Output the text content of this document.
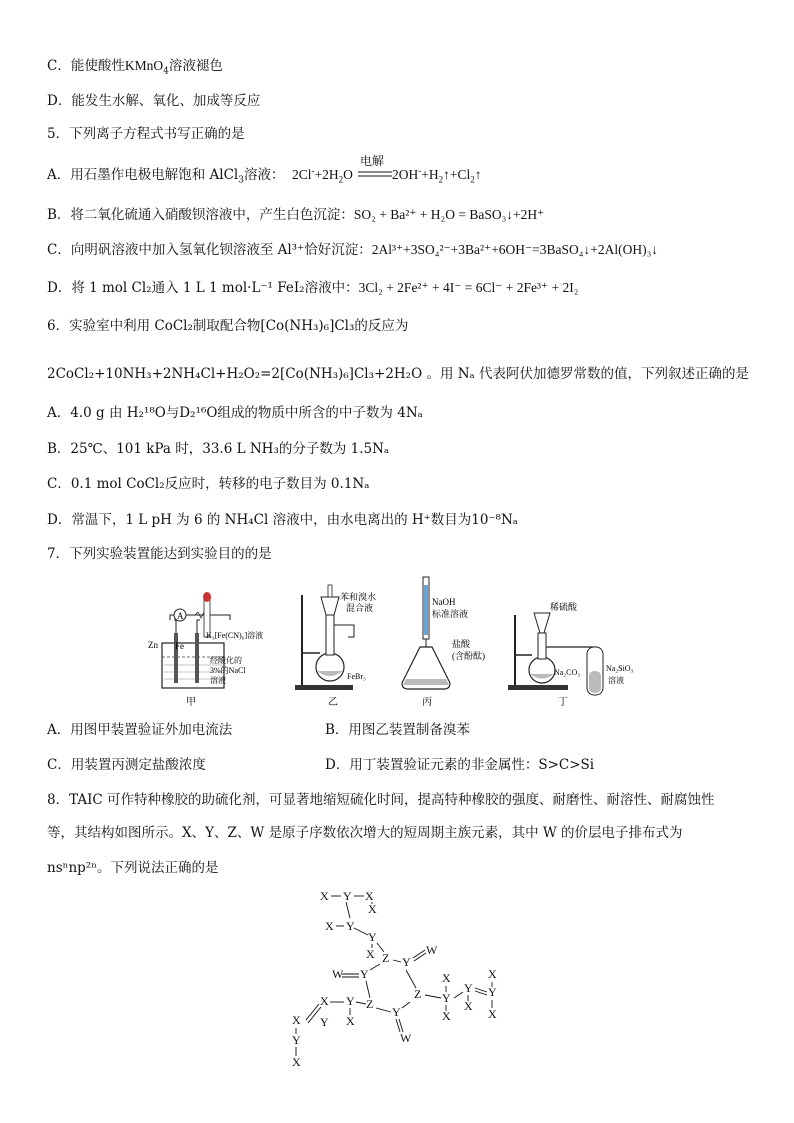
C．能使酸性KMnO$_4$溶液褪色
D．能发生水解、氧化、加成等反应
5．下列离子方程式书写正确的是
A．用石墨作电极电解饱和 AlCl$_3$溶液： $2Cl^-+2H_2O$
电解
$2OH^-+H_2↑+Cl_2↑$
B．将二氧化硫通入硝酸钡溶液中，产生白色沉淀：SO₂ + Ba²⁺ + H₂O = BaSO₃↓+2H⁺
C．向明矾溶液中加入氢氧化钡溶液至 Al³⁺恰好沉淀：2Al³⁺+3SO₄²⁻+3Ba²⁺+6OH⁻=3BaSO₄↓+2Al(OH)₃↓
D．将 1 mol Cl₂通入 1 L 1 mol·L⁻¹ FeI₂溶液中：3Cl₂ + 2Fe²⁺ + 4I⁻ = 6Cl⁻ + 2Fe³⁺ + 2I₂
6．实验室中利用 CoCl₂制取配合物[Co(NH₃)₆]Cl₃的反应为
2CoCl₂+10NH₃+2NH₄Cl+H₂O₂=2[Co(NH₃)₆]Cl₃+2H₂O 。用 Nₐ 代表阿伏加德罗常数的值，下列叙述正确的是
A．4.0 g 由 H₂¹⁸O与D₂¹⁶O组成的物质中所含的中子数为 4Nₐ
B．25℃、101 kPa 时，33.6 L NH₃的分子数为 1.5Nₐ
C．0.1 mol CoCl₂反应时，转移的电子数目为 0.1Nₐ
D．常温下，1 L pH 为 6 的 NH₄Cl 溶液中，由水电离出的 H⁺数目为10⁻⁸Nₐ
7．下列实验装置能达到实验目的的是
A
Zn Fe
K₃[Fe(CN)₆]溶液
经酸化的
3%的NaCl
溶液
甲
苯和溴水
混合液
FeBr₃
乙
NaOH
标准溶液
盐酸
(含酚酞)
丙
稀硫酸
Na₂CO₃	Na₂SiO₃
溶液
丁
A．用图甲装置验证外加电流法	B．用图乙装置制备溴苯
C．用装置丙测定盐酸浓度	D．用丁装置验证元素的非金属性：S>C>Si
8．TAIC 可作特种橡胶的助硫化剂，可显著地缩短硫化时间，提高特种橡胶的强度、耐磨性、耐溶性、耐腐蚀性
等，其结构如图所示。X、Y、Z、W 是原子序数依次增大的短周期主族元素，其中 W 的价层电子排布式为
nsⁿnp²ⁿ。下列说法正确的是
X Y X
X
X Y
Y
X Z Y
W
W Y
Z
Z
Y
W
X
Y
X
Y
X
X
Y
X
X
Y
Y
X
X
Y
X
